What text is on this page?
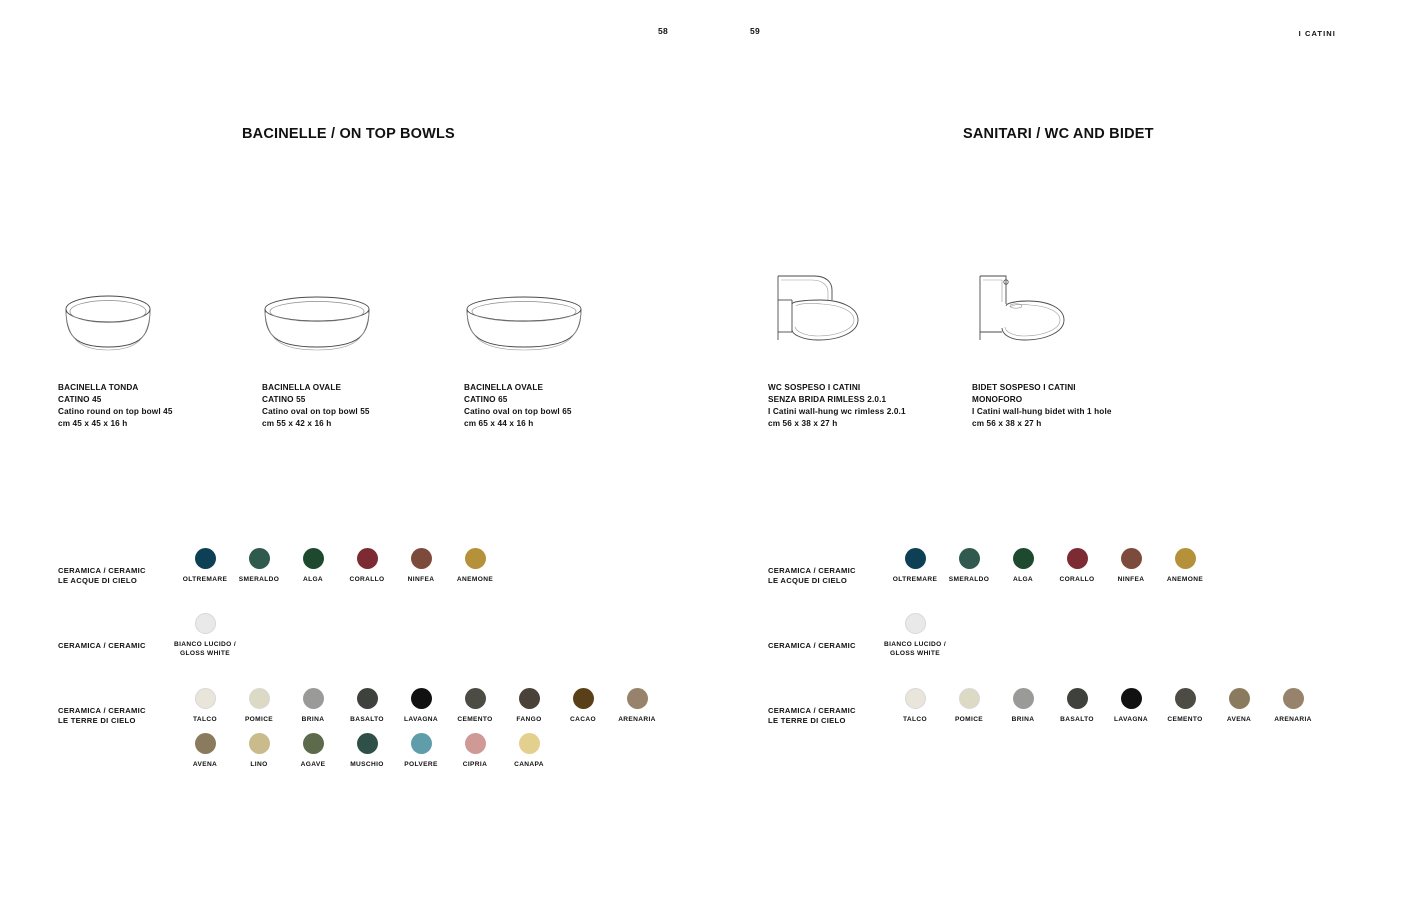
58	59	I CATINI
BACINELLE / ON TOP BOWLS
BACINELLA TONDA
CATINO 45
Catino round on top bowl 45
cm 45 x 45 x 16 h
BACINELLA OVALE
CATINO 55
Catino oval on top bowl 55
cm 55 x 42 x 16 h
BACINELLA OVALE
CATINO 65
Catino oval on top bowl 65
cm 65 x 44 x 16 h
CERAMICA / CERAMIC
LE ACQUE DI CIELO	OLTREMARE SMERALDO	ALGA	CORALLO	NINFEA	ANEMONE
CERAMICA / CERAMIC	BIANCO LUCIDO / GLOSS WHITE
CERAMICA / CERAMIC
LE TERRE DI CIELO	TALCO	POMICE	BRINA	BASALTO	LAVAGNA	CEMENTO	FANGO	CACAO	ARENARIA
AVENA	LINO	AGAVE	MUSCHIO	POLVERE	CIPRIA	CANAPA
SANITARI / WC AND BIDET
WC SOSPESO I CATINI
SENZA BRIDA RIMLESS 2.0.1
I Catini wall-hung wc rimless 2.0.1
cm 56 x 38 x 27 h
BIDET SOSPESO I CATINI
MONOFORO
I Catini wall-hung bidet with 1 hole
cm 56 x 38 x 27 h
CERAMICA / CERAMIC
LE ACQUE DI CIELO	OLTREMARE SMERALDO	ALGA	CORALLO	NINFEA	ANEMONE
CERAMICA / CERAMIC	BIANCO LUCIDO / GLOSS WHITE
CERAMICA / CERAMIC
LE TERRE DI CIELO	TALCO	POMICE	BRINA	BASALTO	LAVAGNA	CEMENTO	AVENA	ARENARIA
